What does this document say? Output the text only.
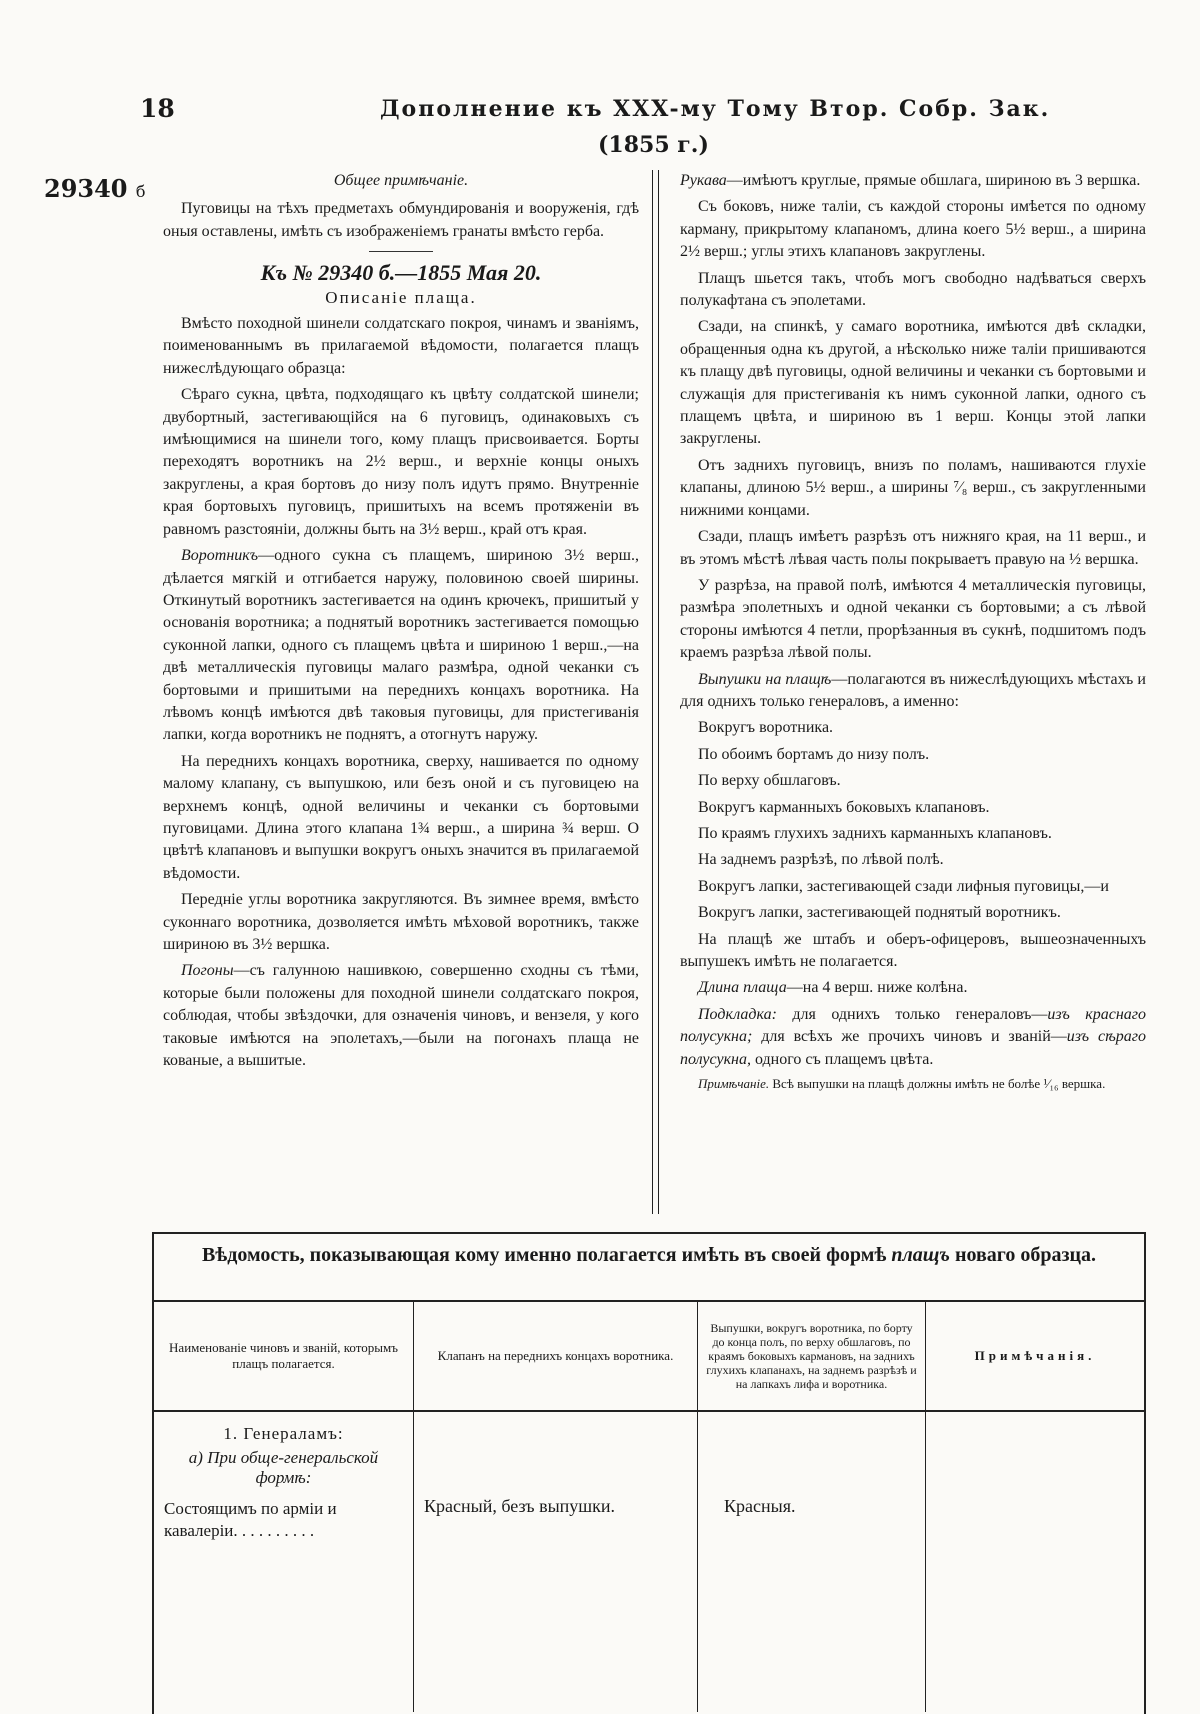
18	Дополнение къ XXX-му Тому Втор. Собр. Зак.
(1855 г.)
29340 б
Общее примѣчаніе.

Пуговицы на тѣхъ предметахъ обмундированія и вооруженія, гдѣ оныя оставлены, имѣть съ изображеніемъ гранаты вмѣсто герба.

Къ № 29340 б.—1855 Мая 20.
Описаніе плаща.

Вмѣсто походной шинели солдатскаго покроя, чинамъ и званіямъ, поименованнымъ въ прилагаемой вѣдомости, полагается плащъ нижеслѣдующаго образца:

Сѣраго сукна, цвѣта, подходящаго къ цвѣту солдатской шинели; двубортный, застегивающійся на 6 пуговицъ, одинаковыхъ съ имѣющимися на шинели того, кому плащъ присвоивается. Борты переходятъ воротникъ на 2½ верш., и верхніе концы оныхъ закруглены, а края бортовъ до низу полъ идутъ прямо. Внутренніе края бортовыхъ пуговицъ, пришитыхъ на всемъ протяженіи въ равномъ разстояніи, должны быть на 3½ верш., край отъ края.

Воротникъ—одного сукна съ плащемъ, шириною 3½ верш., дѣлается мягкій и отгибается наружу, половиною своей ширины. Откинутый воротникъ застегивается на одинъ крючекъ, пришитый у основанія воротника; а поднятый воротникъ застегивается помощью суконной лапки, одного съ плащемъ цвѣта и шириною 1 верш.,—на двѣ металлическія пуговицы малаго размѣра, одной чеканки съ бортовыми и пришитыми на переднихъ концахъ воротника. На лѣвомъ концѣ имѣются двѣ таковыя пуговицы, для пристегиванія лапки, когда воротникъ не поднятъ, а отогнутъ наружу.

На переднихъ концахъ воротника, сверху, нашивается по одному малому клапану, съ выпушкою, или безъ оной и съ пуговицею на верхнемъ концѣ, одной величины и чеканки съ бортовыми пуговицами. Длина этого клапана 1¾ верш., а ширина ¾ верш. О цвѣтѣ клапановъ и выпушки вокругъ оныхъ значится въ прилагаемой вѣдомости.

Передніе углы воротника закругляются. Въ зимнее время, вмѣсто суконнаго воротника, дозволяется имѣть мѣховой воротникъ, также шириною въ 3½ вершка.

Погоны—съ галунною нашивкою, совершенно сходны съ тѣми, которые были положены для походной шинели солдатскаго покроя, соблюдая, чтобы звѣздочки, для означенія чиновъ, и вензеля, у кого таковые имѣются на эполетахъ,—были на погонахъ плаща не кованые, а вышитые.

Рукава—имѣютъ круглые, прямые обшлага, шириною въ 3 вершка.

Съ боковъ, ниже таліи, съ каждой стороны имѣется по одному карману, прикрытому клапаномъ, длина коего 5½ верш., а ширина 2½ верш.; углы этихъ клапановъ закруглены.

Плащъ шьется такъ, чтобъ могъ свободно надѣваться сверхъ полукафтана съ эполетами.

Сзади, на спинкѣ, у самаго воротника, имѣются двѣ складки, обращенныя одна къ другой, а нѣсколько ниже таліи пришиваются къ плащу двѣ пуговицы, одной величины и чеканки съ бортовыми и служащія для пристегиванія къ нимъ суконной лапки, одного съ плащемъ цвѣта, и шириною въ 1 верш. Концы этой лапки закруглены.

Отъ заднихъ пуговицъ, внизъ по поламъ, нашиваются глухіе клапаны, длиною 5½ верш., а ширины ⁷⁄₈ верш., съ закругленными нижними концами.

Сзади, плащъ имѣетъ разрѣзъ отъ нижняго края, на 11 верш., и въ этомъ мѣстѣ лѣвая часть полы покрываетъ правую на ½ вершка.

У разрѣза, на правой полѣ, имѣются 4 металлическія пуговицы, размѣра эполетныхъ и одной чеканки съ бортовыми; а съ лѣвой стороны имѣются 4 петли, прорѣзанныя въ сукнѣ, подшитомъ подъ краемъ разрѣза лѣвой полы.

Выпушки на плащѣ—полагаются въ нижеслѣдующихъ мѣстахъ и для однихъ только генераловъ, а именно:

Вокругъ воротника.

По обоимъ бортамъ до низу полъ.

По верху обшлаговъ.

Вокругъ карманныхъ боковыхъ клапановъ.

По краямъ глухихъ заднихъ карманныхъ клапановъ.

На заднемъ разрѣзѣ, по лѣвой полѣ.

Вокругъ лапки, застегивающей сзади лифныя пуговицы,—и

Вокругъ лапки, застегивающей поднятый воротникъ.

На плащѣ же штабъ и оберъ-офицеровъ, вышеозначенныхъ выпушекъ имѣть не полагается.

Длина плаща—на 4 верш. ниже колѣна.

Подкладка: для однихъ только генераловъ—изъ краснаго полусукна; для всѣхъ же прочихъ чиновъ и званій—изъ сѣраго полусукна, одного съ плащемъ цвѣта.

Примѣчаніе. Всѣ выпушки на плащѣ должны имѣть не болѣе ¹⁄₁₆ вершка.

Вѣдомость, показывающая кому именно полагается имѣть въ своей формѣ плащъ новаго образца.
Наименованіе чиновъ и званій, которымъ плащъ полагается.
Клапанъ на переднихъ концахъ воротника.
Выпушки, вокругъ воротника, по борту до конца полъ, по верху обшлаговъ, по краямъ боковыхъ кармановъ, на заднихъ глухихъ клапанахъ, на заднемъ разрѣзѣ и на лапкахъ лифа и воротника.
Примѣчанія.
1. Генераламъ:
а) При обще-генеральской формѣ:
Состоящимъ по арміи и кавалеріи. . . . . . . . . .
Красный, безъ выпушки.	Красныя.
